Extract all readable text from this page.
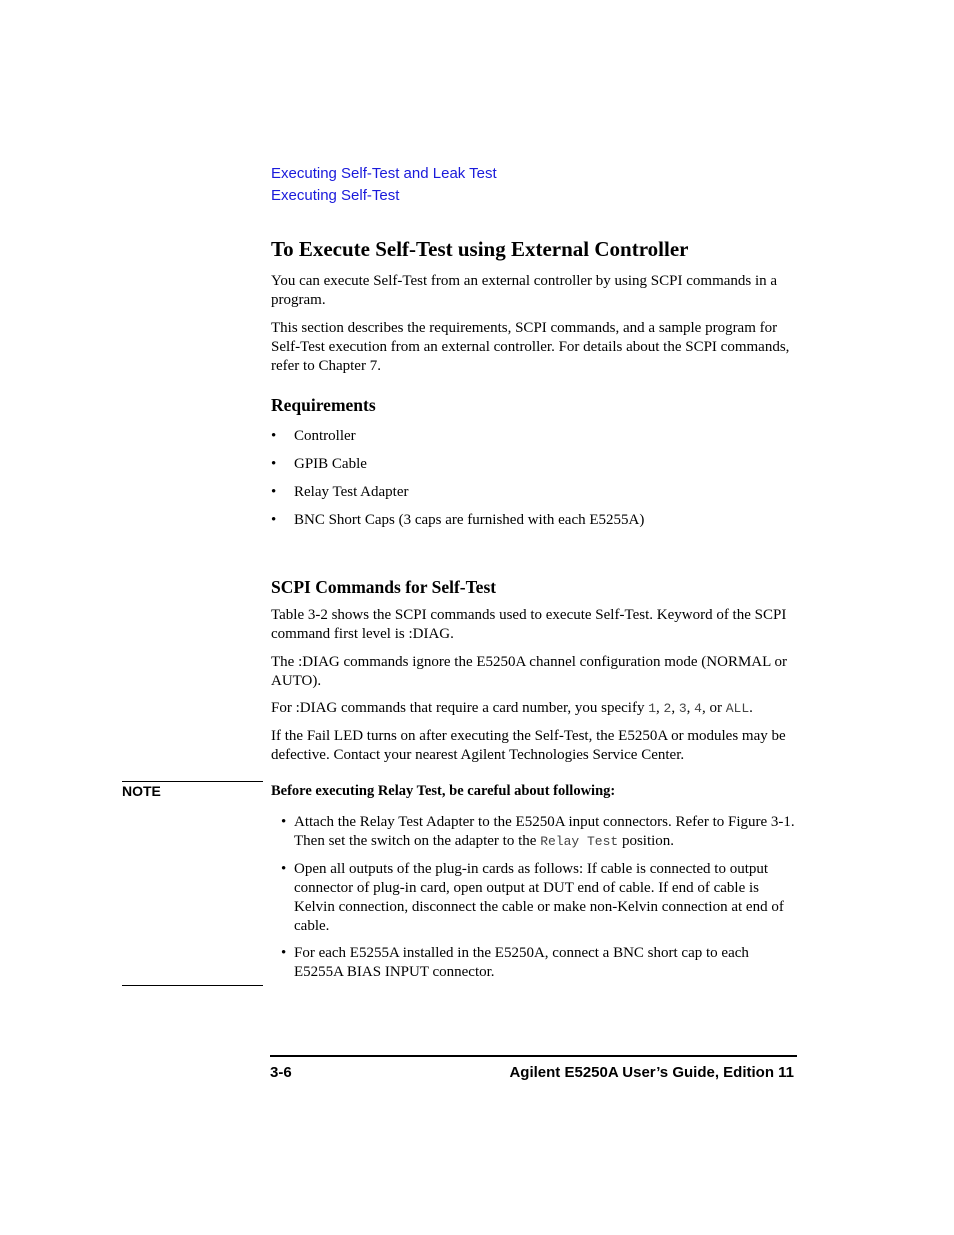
Executing Self-Test and Leak Test
Executing Self-Test
To Execute Self-Test using External Controller
You can execute Self-Test from an external controller by using SCPI commands in a program.
This section describes the requirements, SCPI commands, and a sample program for Self-Test execution from an external controller. For details about the SCPI commands, refer to Chapter 7.
Requirements
• Controller
• GPIB Cable
• Relay Test Adapter
• BNC Short Caps (3 caps are furnished with each E5255A)
SCPI Commands for Self-Test
Table 3-2 shows the SCPI commands used to execute Self-Test. Keyword of the SCPI command first level is :DIAG.
The :DIAG commands ignore the E5250A channel configuration mode (NORMAL or AUTO).
For :DIAG commands that require a card number, you specify 1, 2, 3, 4, or ALL.
If the Fail LED turns on after executing the Self-Test, the E5250A or modules may be defective. Contact your nearest Agilent Technologies Service Center.
NOTE	Before executing Relay Test, be careful about following:
• Attach the Relay Test Adapter to the E5250A input connectors. Refer to Figure 3-1. Then set the switch on the adapter to the Relay Test position.
• Open all outputs of the plug-in cards as follows: If cable is connected to output connector of plug-in card, open output at DUT end of cable. If end of cable is Kelvin connection, disconnect the cable or make non-Kelvin connection at end of cable.
• For each E5255A installed in the E5250A, connect a BNC short cap to each E5255A BIAS INPUT connector.
3-6	Agilent E5250A User’s Guide, Edition 11
